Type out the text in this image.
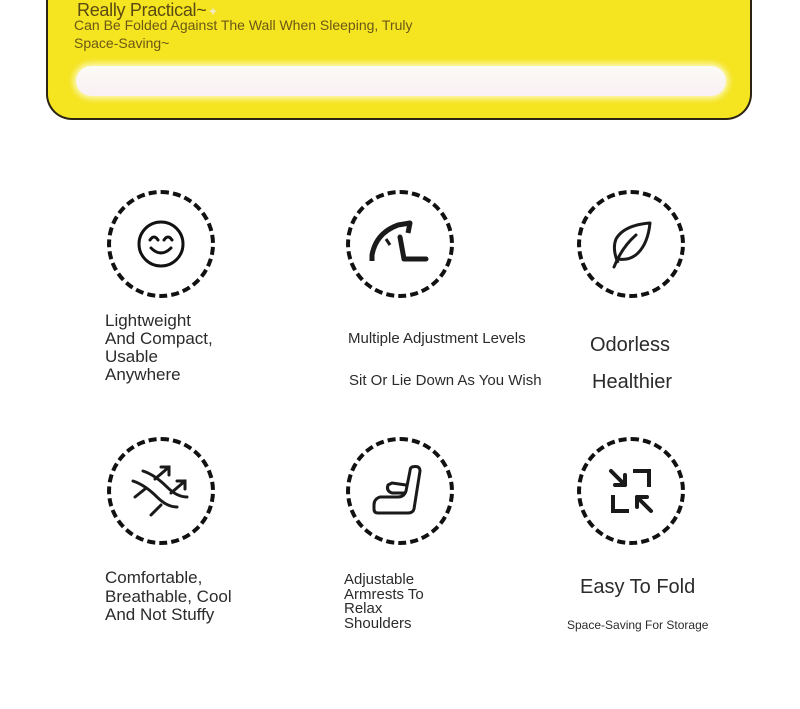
Really Practical~✦
Can Be Folded Against The Wall When Sleeping, Truly Space-Saving~
Lightweight And Compact, Usable Anywhere
Multiple Adjustment Levels
Sit Or Lie Down As You Wish
Odorless
Healthier
Comfortable, Breathable, Cool And Not Stuffy
Adjustable Armrests To Relax Shoulders
Easy To Fold
Space-Saving For Storage
